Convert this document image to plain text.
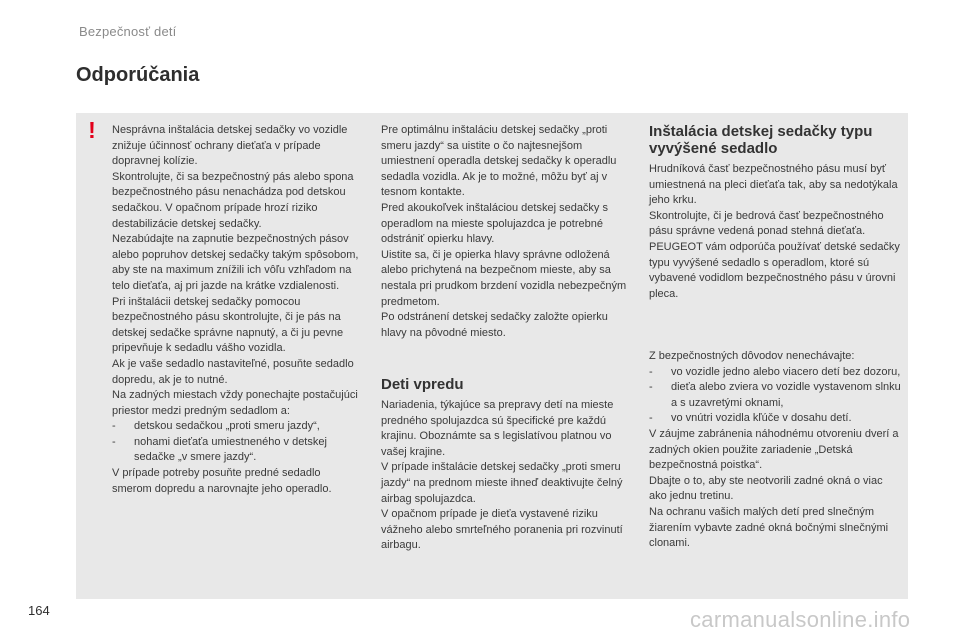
Bezpečnosť detí
Odporúčania
! Nesprávna inštalácia detskej sedačky vo vozidle znižuje účinnosť ochrany dieťaťa v prípade dopravnej kolízie.

Skontrolujte, či sa bezpečnostný pás alebo spona bezpečnostného pásu nenachádza pod detskou sedačkou. V opačnom prípade hrozí riziko destabilizácie detskej sedačky.

Nezabúdajte na zapnutie bezpečnostných pásov alebo popruhov detskej sedačky takým spôsobom, aby ste na maximum znížili ich vôľu vzhľadom na telo dieťaťa, aj pri jazde na krátke vzdialenosti.

Pri inštalácii detskej sedačky pomocou bezpečnostného pásu skontrolujte, či je pás na detskej sedačke správne napnutý, a či ju pevne pripevňuje k sedadlu vášho vozidla.

Ak je vaše sedadlo nastaviteľné, posuňte sedadlo dopredu, ak je to nutné.

Na zadných miestach vždy ponechajte postačujúci priestor medzi predným sedadlom a:

-	detskou sedačkou „proti smeru jazdy“,
-	nohami dieťaťa umiestneného v detskej sedačke „v smere jazdy“.

V prípade potreby posuňte predné sedadlo smerom dopredu a narovnajte jeho operadlo.

Pre optimálnu inštaláciu detskej sedačky „proti smeru jazdy“ sa uistite o čo najtesnejšom umiestnení operadla detskej sedačky k operadlu sedadla vozidla. Ak je to možné, môžu byť aj v tesnom kontakte.

Pred akoukoľvek inštaláciou detskej sedačky s operadlom na mieste spolujazdca je potrebné odstrániť opierku hlavy.

Uistite sa, či je opierka hlavy správne odložená alebo prichytená na bezpečnom mieste, aby sa nestala pri prudkom brzdení vozidla nebezpečným predmetom.

Po odstránení detskej sedačky založte opierku hlavy na pôvodné miesto.

Deti vpredu

Nariadenia, týkajúce sa prepravy detí na mieste predného spolujazdca sú špecifické pre každú krajinu. Oboznámte sa s legislatívou platnou vo vašej krajine.

V prípade inštalácie detskej sedačky „proti smeru jazdy“ na prednom mieste ihneď deaktivujte čelný airbag spolujazdca.

V opačnom prípade je dieťa vystavené riziku vážneho alebo smrteľného poranenia pri rozvinutí airbagu.

Inštalácia detskej sedačky typu vyvýšené sedadlo

Hrudníková časť bezpečnostného pásu musí byť umiestnená na pleci dieťaťa tak, aby sa nedotýkala jeho krku.

Skontrolujte, či je bedrová časť bezpečnostného pásu správne vedená ponad stehná dieťaťa.

PEUGEOT vám odporúča používať detské sedačky typu vyvýšené sedadlo s operadlom, ktoré sú vybavené vodidlom bezpečnostného pásu v úrovni pleca.

Z bezpečnostných dôvodov nenechávajte:

-	vo vozidle jedno alebo viacero detí bez dozoru,
-	dieťa alebo zviera vo vozidle vystavenom slnku a s uzavretými oknami,
-	vo vnútri vozidla kľúče v dosahu detí.

V záujme zabránenia náhodnému otvoreniu dverí a zadných okien použite zariadenie „Detská bezpečnostná poistka“.

Dbajte o to, aby ste neotvorili zadné okná o viac ako jednu tretinu.

Na ochranu vašich malých detí pred slnečným žiarením vybavte zadné okná bočnými slnečnými clonami.

164	carmanualsonline.info
